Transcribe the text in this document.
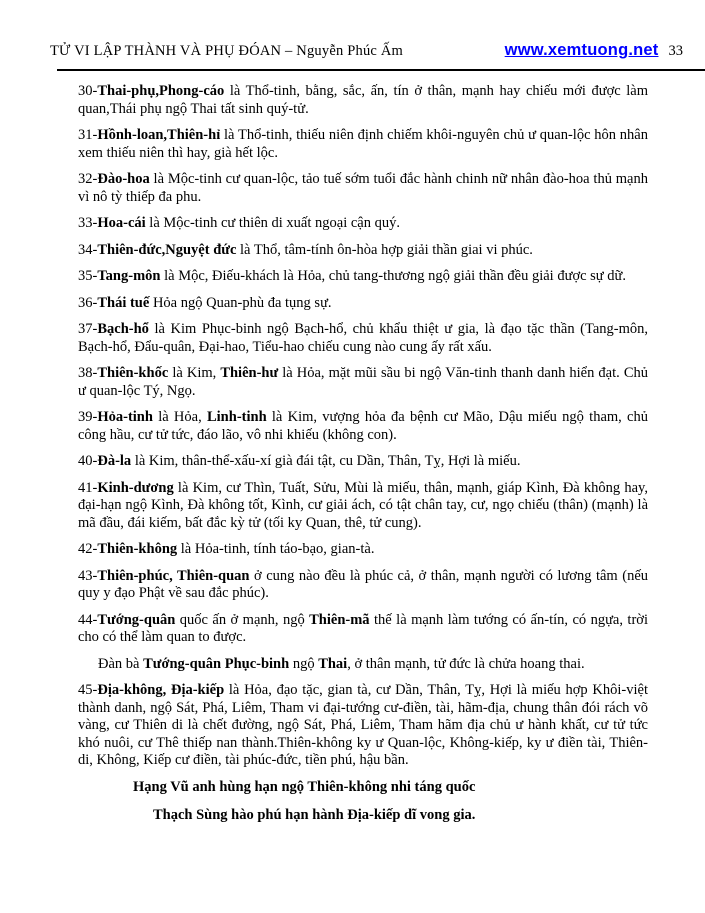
TỬ VI LẬP THÀNH VÀ PHỤ ĐÓAN – Nguyễn Phúc Ấm	www.xemtuong.net 33

30-Thai-phụ,Phong-cáo là Thổ-tinh, bằng, sắc, ấn, tín ở thân, mạnh hay chiếu mới được làm quan,Thái phụ ngộ Thai tất sinh quý-tử.

31-Hồnh-loan,Thiên-hỉ là Thổ-tinh, thiếu niên định chiếm khôi-nguyên chủ ư quan-lộc hôn nhân xem thiếu niên thì hay, già hết lộc.

32-Đào-hoa là Mộc-tinh cư quan-lộc, tảo tuế sớm tuổi đắc hành chinh nữ nhân đào-hoa thủ mạnh vì nô tỳ thiếp đa phu.

33-Hoa-cái là Mộc-tinh cư thiên di xuất ngoại cận quý.

34-Thiên-đức,Nguyệt đức là Thổ, tâm-tính ôn-hòa hợp giải thần giai vi phúc.

35-Tang-môn là Mộc, Điếu-khách là Hỏa, chủ tang-thương ngộ giải thần đều giải được sự dữ.

36-Thái tuế Hỏa ngộ Quan-phù đa tụng sự.

37-Bạch-hổ là Kim Phục-binh ngộ Bạch-hổ, chủ khẩu thiệt ư gia, là đạo tặc thần (Tang-môn, Bạch-hổ, Đẩu-quân, Đại-hao, Tiểu-hao chiếu cung nào cung ấy rất xấu.

38-Thiên-khốc là Kim, Thiên-hư là Hỏa, mặt mũi sầu bi ngộ Văn-tinh thanh danh hiển đạt. Chủ ư quan-lộc Tý, Ngọ.

39-Hỏa-tinh là Hỏa, Linh-tinh là Kim, vượng hỏa đa bệnh cư Mão, Dậu miếu ngộ tham, chủ công hầu, cư tử tức, đáo lão, vô nhi khiếu (không con).

40-Đà-la là Kim, thân-thể-xấu-xí già đái tật, cu Dần, Thân, Tỵ, Hợi là miếu.

41-Kinh-dương là Kim, cư Thìn, Tuất, Sửu, Mùi là miếu, thân, mạnh, giáp Kình, Đà không hay, đại-hạn ngộ Kình, Đà không tốt, Kình, cư giải ách, có tật chân tay, cư, ngọ chiếu (thân) (mạnh) là mã đầu, đái kiếm, bất đắc kỳ tử (tối ky Quan, thê, tử cung).

42-Thiên-không là Hỏa-tinh, tính táo-bạo, gian-tà.

43-Thiên-phúc, Thiên-quan ở cung nào đều là phúc cả, ở thân, mạnh người có lương tâm (nếu quy y đạo Phật về sau đắc phúc).

44-Tướng-quân quốc ấn ở mạnh, ngộ Thiên-mã thế là mạnh làm tướng có ấn-tín, có ngựa, trời cho có thể làm quan to được.

Đàn bà Tướng-quân Phục-binh ngộ Thai, ở thân mạnh, tử đức là chửa hoang thai.

45-Địa-không, Địa-kiếp là Hỏa, đạo tặc, gian tà, cư Dần, Thân, Tỵ, Hợi là miếu hợp Khôi-việt thành danh, ngộ Sát, Phá, Liêm, Tham vi đại-tướng cư-điền, tài, hãm-địa, chung thân đói rách võ vàng, cư Thiên di là chết đường, ngộ Sát, Phá, Liêm, Tham hãm địa chủ ư hành khất, cư tử tức khó nuôi, cư Thê thiếp nan thành.Thiên-không ky ư Quan-lộc, Không-kiếp, ky ư điền tài, Thiên-di, Không, Kiếp cư điền, tài phúc-đức, tiền phú, hậu bần.

Hạng Vũ anh hùng hạn ngộ Thiên-không nhi táng quốc

Thạch Sùng hào phú hạn hành Địa-kiếp dĩ vong gia.
